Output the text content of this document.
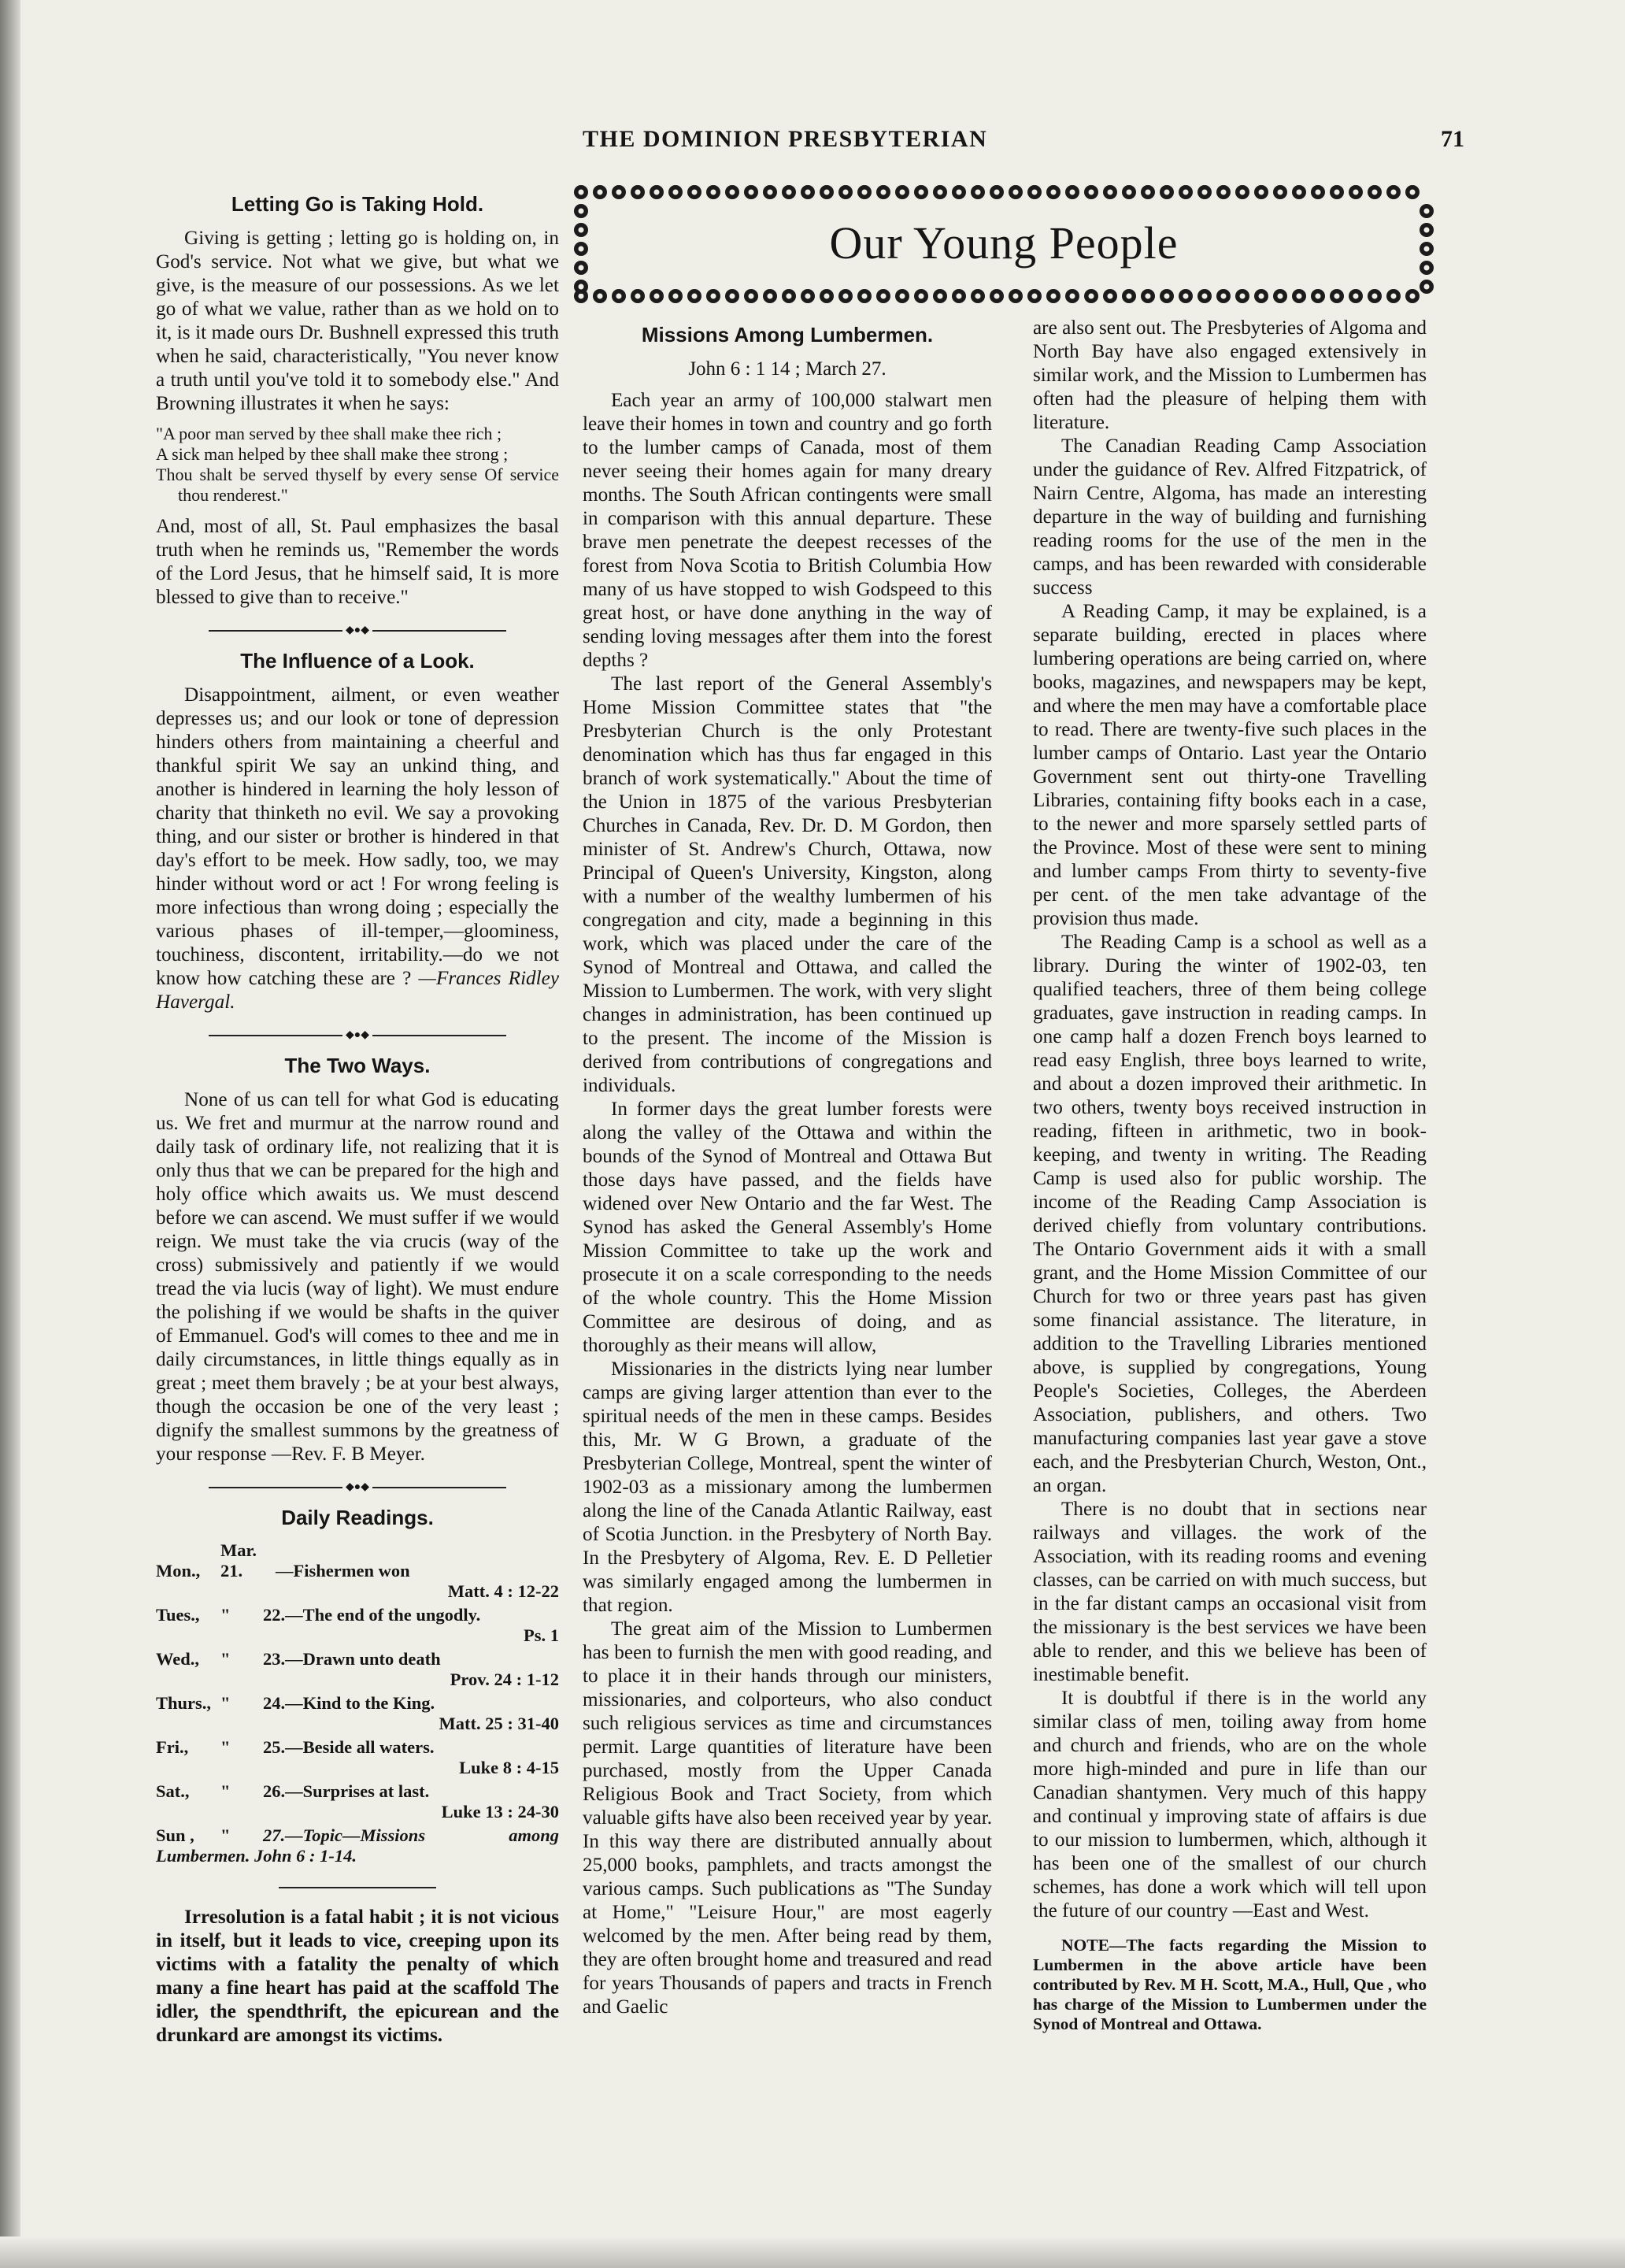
THE DOMINION PRESBYTERIAN	71
Letting Go is Taking Hold.

Giving is getting ; letting go is holding on, in God's service. Not what we give, but what we give, is the measure of our possessions. As we let go of what we value, rather than as we hold on to it, is it made ours Dr. Bushnell expressed this truth when he said, characteristically, "You never know a truth until you've told it to somebody else." And Browning illustrates it when he says:

"A poor man served by thee shall make thee rich ;
A sick man helped by thee shall make thee strong ;
Thou shalt be served thyself by every sense Of service thou renderest."

And, most of all, St. Paul emphasizes the basal truth when he reminds us, "Remember the words of the Lord Jesus, that he himself said, It is more blessed to give than to receive."

◆●◆
The Influence of a Look.

Disappointment, ailment, or even weather depresses us; and our look or tone of depression hinders others from maintaining a cheerful and thankful spirit We say an unkind thing, and another is hindered in learning the holy lesson of charity that thinketh no evil. We say a provoking thing, and our sister or brother is hindered in that day's effort to be meek. How sadly, too, we may hinder without word or act ! For wrong feeling is more infectious than wrong doing ; especially the various phases of ill-temper,—gloominess, touchiness, discontent, irritability.—do we not know how catching these are ? —Frances Ridley Havergal.

◆●◆
The Two Ways.

None of us can tell for what God is educating us. We fret and murmur at the narrow round and daily task of ordinary life, not realizing that it is only thus that we can be prepared for the high and holy office which awaits us. We must descend before we can ascend. We must suffer if we would reign. We must take the via crucis (way of the cross) submissively and patiently if we would tread the via lucis (way of light). We must endure the polishing if we would be shafts in the quiver of Emmanuel. God's will comes to thee and me in daily circumstances, in little things equally as in great ; meet them bravely ; be at your best always, though the occasion be one of the very least ; dignify the smallest summons by the greatness of your response —Rev. F. B Meyer.

◆●◆
Daily Readings.
Mon.,Mar. 21. —Fishermen won
Matt. 4 : 12-22
Tues., " 22.—The end of the ungodly.
Ps. 1
Wed., " 23.—Drawn unto death
Prov. 24 : 1-12
Thurs., " 24.—Kind to the King.
Matt. 25 : 31-40
Fri., " 25.—Beside all waters.
Luke 8 : 4-15
Sat., " 26.—Surprises at last.
Luke 13 : 24-30
Sun , " 27.—Topic—Missions among Lumbermen. John 6 : 1-14.

Irresolution is a fatal habit ; it is not vicious in itself, but it leads to vice, creeping upon its victims with a fatality the penalty of which many a fine heart has paid at the scaffold The idler, the spendthrift, the epicurean and the drunkard are amongst its victims.

Our Young People
Missions Among Lumbermen.
John 6 : 1 14 ; March 27.

Each year an army of 100,000 stalwart men leave their homes in town and country and go forth to the lumber camps of Canada, most of them never seeing their homes again for many dreary months. The South African contingents were small in comparison with this annual departure. These brave men penetrate the deepest recesses of the forest from Nova Scotia to British Columbia How many of us have stopped to wish Godspeed to this great host, or have done anything in the way of sending loving messages after them into the forest depths ?

The last report of the General Assembly's Home Mission Committee states that "the Presbyterian Church is the only Protestant denomination which has thus far engaged in this branch of work systematically." About the time of the Union in 1875 of the various Presbyterian Churches in Canada, Rev. Dr. D. M Gordon, then minister of St. Andrew's Church, Ottawa, now Principal of Queen's University, Kingston, along with a number of the wealthy lumbermen of his congregation and city, made a beginning in this work, which was placed under the care of the Synod of Montreal and Ottawa, and called the Mission to Lumbermen. The work, with very slight changes in administration, has been continued up to the present. The income of the Mission is derived from contributions of congregations and individuals.

In former days the great lumber forests were along the valley of the Ottawa and within the bounds of the Synod of Montreal and Ottawa But those days have passed, and the fields have widened over New Ontario and the far West. The Synod has asked the General Assembly's Home Mission Committee to take up the work and prosecute it on a scale corresponding to the needs of the whole country. This the Home Mission Committee are desirous of doing, and as thoroughly as their means will allow,

Missionaries in the districts lying near lumber camps are giving larger attention than ever to the spiritual needs of the men in these camps. Besides this, Mr. W G Brown, a graduate of the Presbyterian College, Montreal, spent the winter of 1902-03 as a missionary among the lumbermen along the line of the Canada Atlantic Railway, east of Scotia Junction. in the Presbytery of North Bay. In the Presbytery of Algoma, Rev. E. D Pelletier was similarly engaged among the lumbermen in that region.

The great aim of the Mission to Lumbermen has been to furnish the men with good reading, and to place it in their hands through our ministers, missionaries, and colporteurs, who also conduct such religious services as time and circumstances permit. Large quantities of literature have been purchased, mostly from the Upper Canada Religious Book and Tract Society, from which valuable gifts have also been received year by year. In this way there are distributed annually about 25,000 books, pamphlets, and tracts amongst the various camps. Such publications as "The Sunday at Home," "Leisure Hour," are most eagerly welcomed by the men. After being read by them, they are often brought home and treasured and read for years Thousands of papers and tracts in French and Gaelic

are also sent out. The Presbyteries of Algoma and North Bay have also engaged extensively in similar work, and the Mission to Lumbermen has often had the pleasure of helping them with literature.

The Canadian Reading Camp Association under the guidance of Rev. Alfred Fitzpatrick, of Nairn Centre, Algoma, has made an interesting departure in the way of building and furnishing reading rooms for the use of the men in the camps, and has been rewarded with considerable success

A Reading Camp, it may be explained, is a separate building, erected in places where lumbering operations are being carried on, where books, magazines, and newspapers may be kept, and where the men may have a comfortable place to read. There are twenty-five such places in the lumber camps of Ontario. Last year the Ontario Government sent out thirty-one Travelling Libraries, containing fifty books each in a case, to the newer and more sparsely settled parts of the Province. Most of these were sent to mining and lumber camps From thirty to seventy-five per cent. of the men take advantage of the provision thus made.

The Reading Camp is a school as well as a library. During the winter of 1902-03, ten qualified teachers, three of them being college graduates, gave instruction in reading camps. In one camp half a dozen French boys learned to read easy English, three boys learned to write, and about a dozen improved their arithmetic. In two others, twenty boys received instruction in reading, fifteen in arithmetic, two in book-keeping, and twenty in writing. The Reading Camp is used also for public worship. The income of the Reading Camp Association is derived chiefly from voluntary contributions. The Ontario Government aids it with a small grant, and the Home Mission Committee of our Church for two or three years past has given some financial assistance. The literature, in addition to the Travelling Libraries mentioned above, is supplied by congregations, Young People's Societies, Colleges, the Aberdeen Association, publishers, and others. Two manufacturing companies last year gave a stove each, and the Presbyterian Church, Weston, Ont., an organ.

There is no doubt that in sections near railways and villages. the work of the Association, with its reading rooms and evening classes, can be carried on with much success, but in the far distant camps an occasional visit from the missionary is the best services we have been able to render, and this we believe has been of inestimable benefit.

It is doubtful if there is in the world any similar class of men, toiling away from home and church and friends, who are on the whole more high-minded and pure in life than our Canadian shantymen. Very much of this happy and continual y improving state of affairs is due to our mission to lumbermen, which, although it has been one of the smallest of our church schemes, has done a work which will tell upon the future of our country —East and West.

NOTE—The facts regarding the Mission to Lumbermen in the above article have been contributed by Rev. M H. Scott, M.A., Hull, Que , who has charge of the Mission to Lumbermen under the Synod of Montreal and Ottawa.
